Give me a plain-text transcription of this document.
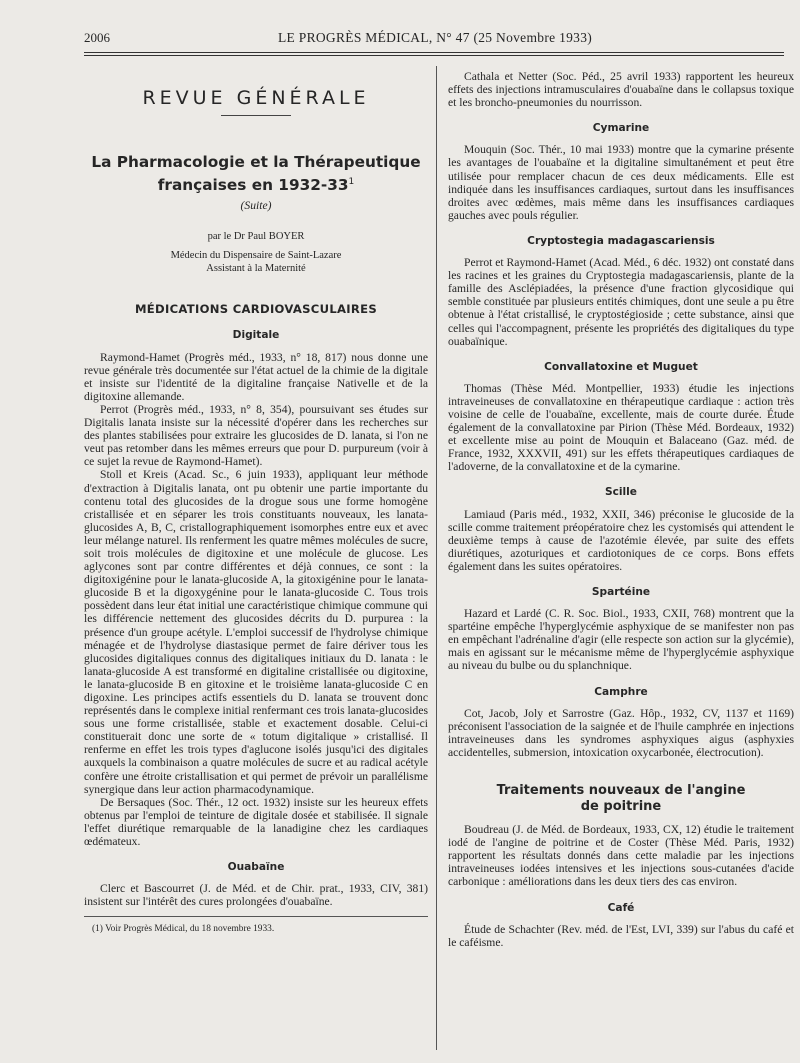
2006	LE PROGRÈS MÉDICAL, N° 47 (25 Novembre 1933)
REVUE GÉNÉRALE
La Pharmacologie et la Thérapeutique
françaises en $1932-33^1$
(Suite)
par le Dr Paul BOYER
Médecin du Dispensaire de Saint-Lazare
Assistant à la Maternité
MÉDICATIONS CARDIOVASCULAIRES
Digitale

Raymond-Hamet (Progrès méd., 1933, n° 18, 817) nous donne une revue générale très documentée sur l'état actuel de la chimie de la digitale et insiste sur l'identité de la digitaline française Nativelle et de la digitoxine allemande.

Perrot (Progrès méd., 1933, n° 8, 354), poursuivant ses études sur Digitalis lanata insiste sur la nécessité d'opérer dans les recherches sur des plantes stabilisées pour extraire les glucosides de D. lanata, si l'on ne veut pas retomber dans les mêmes erreurs que pour D. purpureum (voir à ce sujet la revue de Raymond-Hamet).

Stoll et Kreis (Acad. Sc., 6 juin 1933), appliquant leur méthode d'extraction à Digitalis lanata, ont pu obtenir une partie importante du contenu total des glucosides de la drogue sous une forme homogène cristallisée et en séparer les trois constituants nouveaux, les lanata-glucosides A, B, C, cristallographiquement isomorphes entre eux et avec leur mélange naturel. Ils renferment les quatre mêmes molécules de sucre, soit trois molécules de digitoxine et une molécule de glucose. Les aglycones sont par contre différentes et déjà connues, ce sont : la digitoxigénine pour le lanata-glucoside A, la gitoxigénine pour le lanata-glucoside B et la digoxygénine pour le lanata-glucoside C. Tous trois possèdent dans leur état initial une caractéristique chimique commune qui les différencie nettement des glucosides décrits du D. purpurea : la présence d'un groupe acétyle. L'emploi successif de l'hydrolyse chimique ménagée et de l'hydrolyse diastasique permet de faire dériver tous les glucosides digitaliques connus des digitaliques initiaux du D. lanata : le lanata-glucoside A est transformé en digitaline cristallisée ou digitoxine, le lanata-glucoside B en gitoxine et le troisième lanata-glucoside C en digoxine. Les principes actifs essentiels du D. lanata se trouvent donc représentés dans le complexe initial renfermant ces trois lanata-glucosides sous une forme cristallisée, stable et exactement dosable. Celui-ci constituerait donc une sorte de « totum digitalique » cristallisé. Il renferme en effet les trois types d'aglucone isolés jusqu'ici des digitales auxquels la combinaison a quatre molécules de sucre et au radical acétyle confère une étroite cristallisation et qui permet de prévoir un parallélisme synergique dans leur action pharmacodynamique.

De Bersaques (Soc. Thér., 12 oct. 1932) insiste sur les heureux effets obtenus par l'emploi de teinture de digitale dosée et stabilisée. Il signale l'effet diurétique remarquable de la lanadigine chez les cardiaques œdémateux.

Ouabaïne

Clerc et Bascourret (J. de Méd. et de Chir. prat., 1933, CIV, 381) insistent sur l'intérêt des cures prolongées d'ouabaïne.

(1) Voir Progrès Médical, du 18 novembre 1933.

Cathala et Netter (Soc. Péd., 25 avril 1933) rapportent les heureux effets des injections intramusculaires d'ouabaïne dans le collapsus toxique et les broncho-pneumonies du nourrisson.

Cymarine

Mouquin (Soc. Thér., 10 mai 1933) montre que la cymarine présente les avantages de l'ouabaïne et la digitaline simultanément et peut être utilisée pour remplacer chacun de ces deux médicaments. Elle est indiquée dans les insuffisances cardiaques, surtout dans les insuffisances droites avec œdèmes, mais même dans les insuffisances cardiaques gauches avec pouls régulier.

Cryptostegia madagascariensis

Perrot et Raymond-Hamet (Acad. Méd., 6 déc. 1932) ont constaté dans les racines et les graines du Cryptostegia madagascariensis, plante de la famille des Asclépiadées, la présence d'une fraction glycosidique qui semble constituée par plusieurs entités chimiques, dont une seule a pu être obtenue à l'état cristallisé, le cryptostégioside ; cette substance, ainsi que celles qui l'accompagnent, présente les propriétés des digitaliques du type ouabaïnique.

Convallatoxine et Muguet

Thomas (Thèse Méd. Montpellier, 1933) étudie les injections intraveineuses de convallatoxine en thérapeutique cardiaque : action très voisine de celle de l'ouabaïne, excellente, mais de courte durée. Étude également de la convallatoxine par Pirion (Thèse Méd. Bordeaux, 1932) et excellente mise au point de Mouquin et Balaceano (Gaz. méd. de France, 1932, XXXVII, 491) sur les effets thérapeutiques cardiaques de l'adoverne, de la convallatoxine et de la cymarine.

Scille

Lamiaud (Paris méd., 1932, XXII, 346) préconise le glucoside de la scille comme traitement préopératoire chez les cystomisés qui attendent le deuxième temps à cause de l'azotémie élevée, par suite des effets diurétiques, azoturiques et cardiotoniques de ce corps. Bons effets également dans les suites opératoires.

Spartéine

Hazard et Lardé (C. R. Soc. Biol., 1933, CXII, 768) montrent que la spartéine empêche l'hyperglycémie asphyxique de se manifester non pas en empêchant l'adrénaline d'agir (elle respecte son action sur la glycémie), mais en agissant sur le mécanisme même de l'hyperglycémie asphyxique au niveau du bulbe ou du splanchnique.

Camphre

Cot, Jacob, Joly et Sarrostre (Gaz. Hôp., 1932, CV, 1137 et 1169) préconisent l'association de la saignée et de l'huile camphrée en injections intraveineuses dans les syndromes asphyxiques aigus (asphyxies accidentelles, submersion, intoxication oxycarbonée, électrocution).

Traitements nouveaux de l'angine
de poitrine

Boudreau (J. de Méd. de Bordeaux, 1933, CX, 12) étudie le traitement iodé de l'angine de poitrine et de Coster (Thèse Méd. Paris, 1932) rapportent les résultats donnés dans cette maladie par les injections intraveineuses iodées intensives et les injections sous-cutanées d'acide carbonique : améliorations dans les deux tiers des cas environ.

Café

Étude de Schachter (Rev. méd. de l'Est, LVI, 339) sur l'abus du café et le caféisme.
